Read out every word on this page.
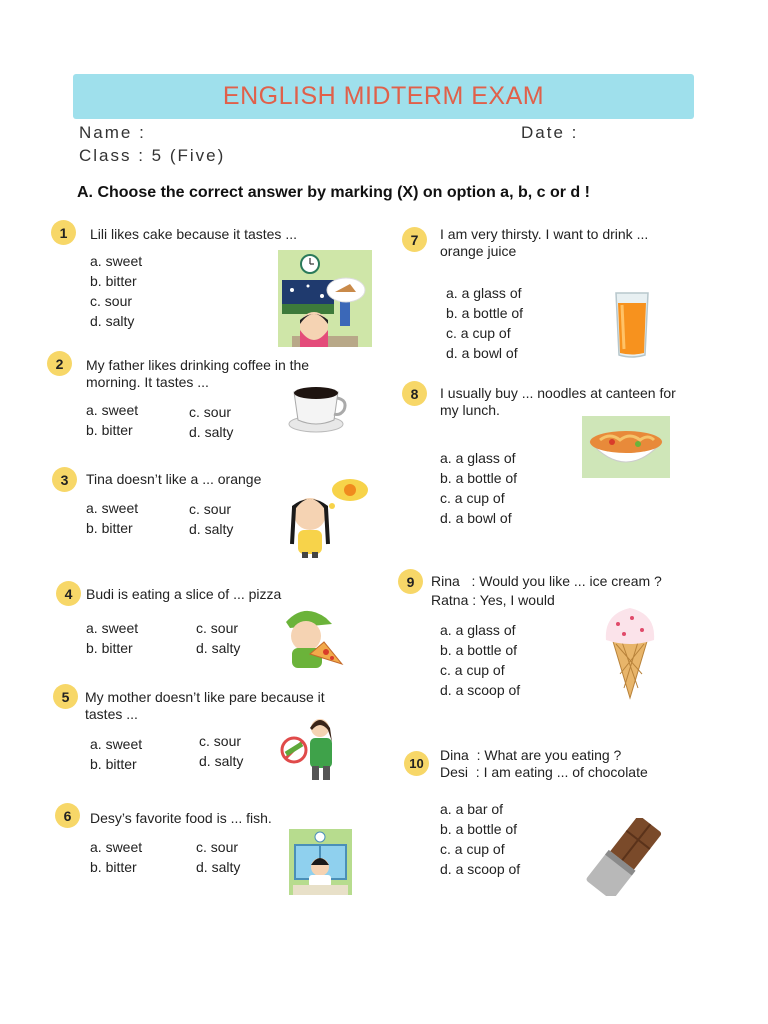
ENGLISH MIDTERM EXAM
Name :	Date :
Class : 5 (Five)
A. Choose the correct answer by marking (X) on option a, b, c or d !
1	Lili likes cake because it tastes ...
a. sweet
b. bitter
c. sour
d. salty
2	My father likes drinking coffee in the morning. It tastes ...
a. sweet
b. bitter
c. sour
d. salty
3	Tina doesn’t like a ... orange
a. sweet
b. bitter
c. sour
d. salty
4 Budi is eating a slice of ... pizza
a. sweet
b. bitter
c. sour
d. salty
5	My mother doesn’t like pare because it tastes ...
a. sweet
b. bitter
c. sour
d. salty
6	Desy’s favorite food is ... fish.
a. sweet
b. bitter
c. sour
d. salty
7	I am very thirsty. I want to drink ... orange juice
a. a glass of
b. a bottle of
c. a cup of
d. a bowl of
8	I usually buy ... noodles at canteen for my lunch.
a. a glass of
b. a bottle of
c. a cup of
d. a bowl of
9	Rina   : Would you like ... ice cream ?
Ratna : Yes, I would
a. a glass of
b. a bottle of
c. a cup of
d. a scoop of
10
Dina  : What are you eating ?
Desi  : I am eating ... of chocolate
a. a bar of
b. a bottle of
c. a cup of
d. a scoop of
